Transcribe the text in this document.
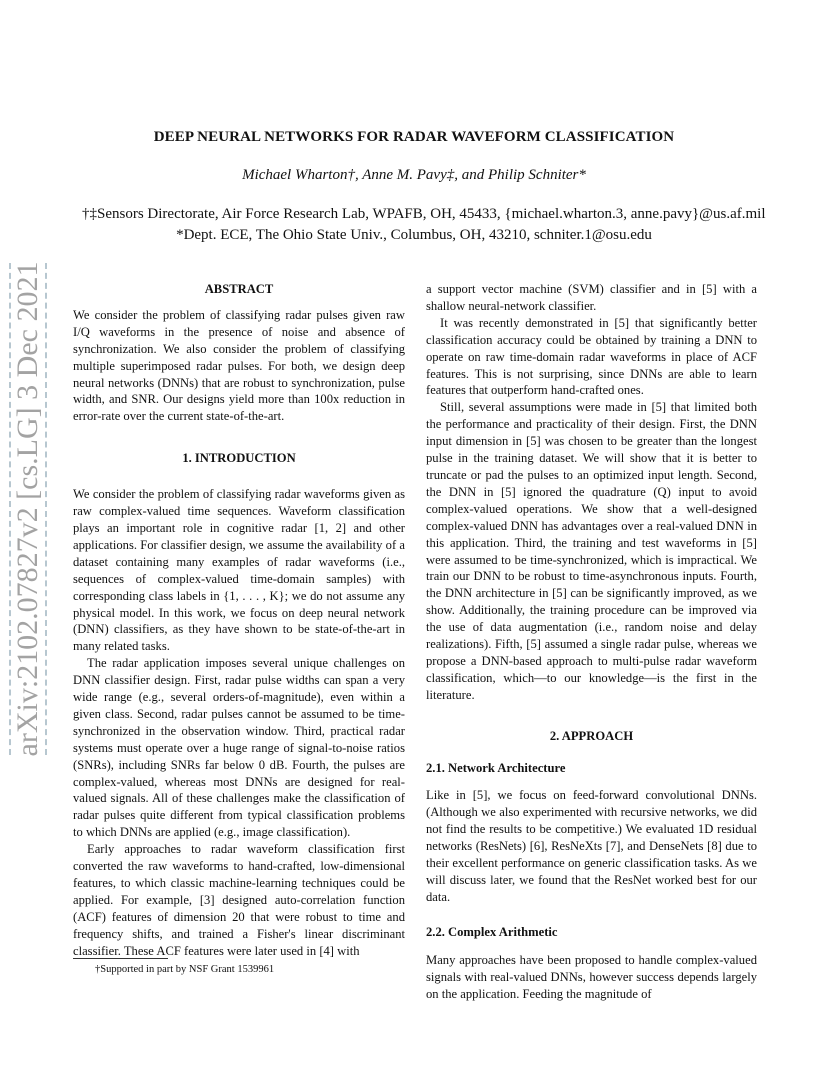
DEEP NEURAL NETWORKS FOR RADAR WAVEFORM CLASSIFICATION
Michael Wharton†, Anne M. Pavy‡, and Philip Schniter*
†‡Sensors Directorate, Air Force Research Lab, WPAFB, OH, 45433, {michael.wharton.3, anne.pavy}@us.af.mil
*Dept. ECE, The Ohio State Univ., Columbus, OH, 43210, schniter.1@osu.edu
arXiv:2102.07827v2 [cs.LG] 3 Dec 2021	ABSTRACT

We consider the problem of classifying radar pulses given raw I/Q waveforms in the presence of noise and absence of synchronization. We also consider the problem of classifying multiple superimposed radar pulses. For both, we design deep neural networks (DNNs) that are robust to synchronization, pulse width, and SNR. Our designs yield more than 100x reduction in error-rate over the current state-of-the-art.

1. INTRODUCTION

We consider the problem of classifying radar waveforms given as raw complex-valued time sequences. Waveform classification plays an important role in cognitive radar [1, 2] and other applications. For classifier design, we assume the availability of a dataset containing many examples of radar waveforms (i.e., sequences of complex-valued time-domain samples) with corresponding class labels in {1, . . . , K}; we do not assume any physical model. In this work, we focus on deep neural network (DNN) classifiers, as they have shown to be state-of-the-art in many related tasks.

The radar application imposes several unique challenges on DNN classifier design. First, radar pulse widths can span a very wide range (e.g., several orders-of-magnitude), even within a given class. Second, radar pulses cannot be assumed to be time-synchronized in the observation window. Third, practical radar systems must operate over a huge range of signal-to-noise ratios (SNRs), including SNRs far below 0 dB. Fourth, the pulses are complex-valued, whereas most DNNs are designed for real-valued signals. All of these challenges make the classification of radar pulses quite different from typical classification problems to which DNNs are applied (e.g., image classification).

Early approaches to radar waveform classification first converted the raw waveforms to hand-crafted, low-dimensional features, to which classic machine-learning techniques could be applied. For example, [3] designed auto-correlation function (ACF) features of dimension 20 that were robust to time and frequency shifts, and trained a Fisher's linear discriminant classifier. These ACF features were later used in [4] with

†Supported in part by NSF Grant 1539961

a support vector machine (SVM) classifier and in [5] with a shallow neural-network classifier.

It was recently demonstrated in [5] that significantly better classification accuracy could be obtained by training a DNN to operate on raw time-domain radar waveforms in place of ACF features. This is not surprising, since DNNs are able to learn features that outperform hand-crafted ones.

Still, several assumptions were made in [5] that limited both the performance and practicality of their design. First, the DNN input dimension in [5] was chosen to be greater than the longest pulse in the training dataset. We will show that it is better to truncate or pad the pulses to an optimized input length. Second, the DNN in [5] ignored the quadrature (Q) input to avoid complex-valued operations. We show that a well-designed complex-valued DNN has advantages over a real-valued DNN in this application. Third, the training and test waveforms in [5] were assumed to be time-synchronized, which is impractical. We train our DNN to be robust to time-asynchronous inputs. Fourth, the DNN architecture in [5] can be significantly improved, as we show. Additionally, the training procedure can be improved via the use of data augmentation (i.e., random noise and delay realizations). Fifth, [5] assumed a single radar pulse, whereas we propose a DNN-based approach to multi-pulse radar waveform classification, which—to our knowledge—is the first in the literature.

2. APPROACH

2.1. Network Architecture

Like in [5], we focus on feed-forward convolutional DNNs. (Although we also experimented with recursive networks, we did not find the results to be competitive.) We evaluated 1D residual networks (ResNets) [6], ResNeXts [7], and DenseNets [8] due to their excellent performance on generic classification tasks. As we will discuss later, we found that the ResNet worked best for our data.

2.2. Complex Arithmetic

Many approaches have been proposed to handle complex-valued signals with real-valued DNNs, however success depends largely on the application. Feeding the magnitude of
